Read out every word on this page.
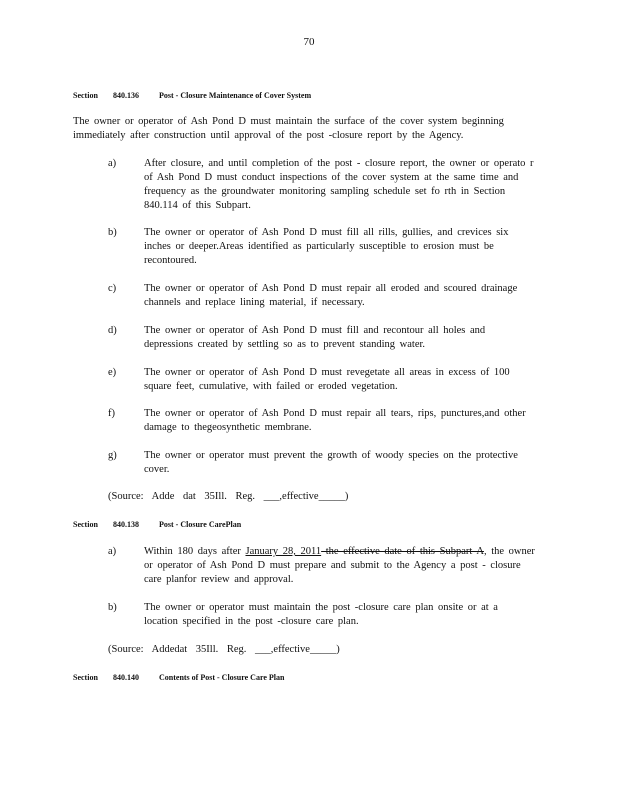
70
Section 840.136	Post - Closure Maintenance of Cover System
The owner or operator of Ash Pond D must maintain the surface of the cover system beginning immediately after construction until approval of the post -closure report by the Agency.
a)	After closure, and until completion of the post - closure report, the owner or operato r of Ash Pond D must conduct inspections of the cover system at the same time and frequency as the groundwater monitoring sampling schedule set fo rth in Section 840.114 of this Subpart.
b)	The owner or operator of Ash Pond D must fill all rills, gullies, and crevices six inches or deeper.Areas identified as particularly susceptible to erosion must be recontoured.
c)	The owner or operator of Ash Pond D must repair all eroded and scoured drainage channels and replace lining material, if necessary.
d)	The owner or operator of Ash Pond D must fill and recontour all holes and depressions created by settling so as to prevent standing water.
e)	The owner or operator of Ash Pond D must revegetate all areas in excess of 100 square feet, cumulative, with failed or eroded vegetation.
f)	The owner or operator of Ash Pond D must repair all tears, rips, punctures,and other damage to thegeosynthetic membrane.
g)	The owner or operator must prevent the growth of woody species on the protective cover.
(Source: Adde dat 35Ill. Reg. ___,effective_____)
Section 840.138	Post - Closure CarePlan
a)	Within 180 days after January 28, 2011 the effective date of this Subpart A, the owner or operator of Ash Pond D must prepare and submit to the Agency a post - closure care planfor review and approval.
b)	The owner or operator must maintain the post -closure care plan onsite or at a location specified in the post -closure care plan.
(Source: Addedat 35Ill. Reg. ___,effective_____)
Section 840.140	Contents of Post - Closure Care Plan
